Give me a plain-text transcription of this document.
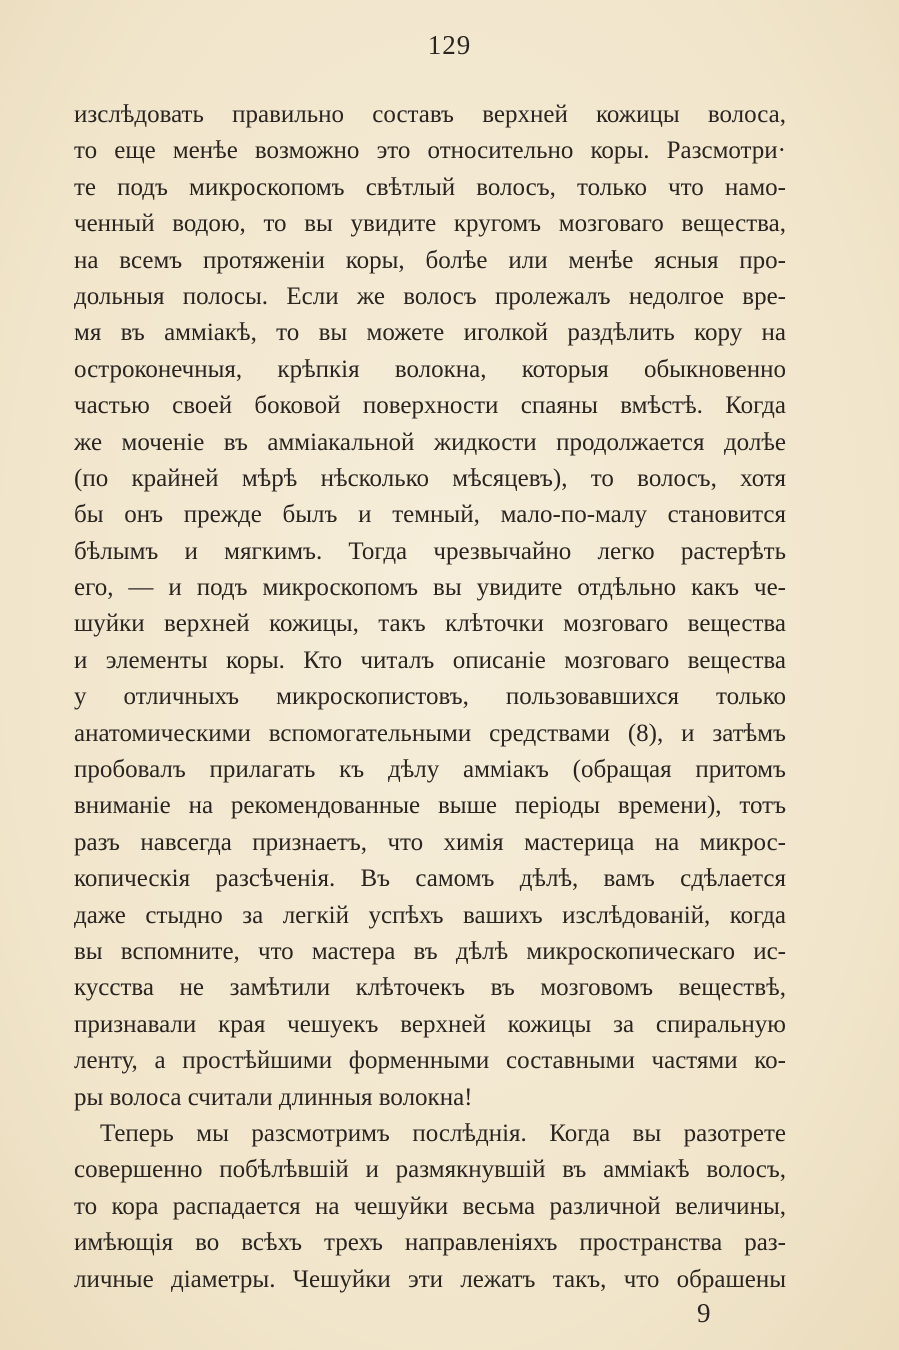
129
изслѣдовать правильно составъ верхней кожицы волоса,
то еще менѣе возможно это относительно коры. Разсмотри·
те подъ микроскопомъ свѣтлый волосъ, только что намо-
ченный водою, то вы увидите кругомъ мозговаго вещества,
на всемъ протяженіи коры, болѣе или менѣе ясныя про-
дольныя полосы. Если же волосъ пролежалъ недолгое вре-
мя въ аммiакѣ, то вы можете иголкой раздѣлить кору на
остроконечныя, крѣпкія волокна, которыя обыкновенно
частью своей боковой поверхности спаяны вмѣстѣ. Когда
же моченіе въ аммiакальной жидкости продолжается долѣе
(по крайней мѣрѣ нѣсколько мѣсяцевъ), то волосъ, хотя
бы онъ прежде былъ и темный, мало-по-малу становится
бѣлымъ и мягкимъ. Тогда чрезвычайно легко растерѣть
его, — и подъ микроскопомъ вы увидите отдѣльно какъ че-
шуйки верхней кожицы, такъ клѣточки мозговаго вещества
и элементы коры. Кто читалъ описаніе мозговаго вещества
у отличныхъ микроскопистовъ, пользовавшихся только
анатомическими вспомогательными средствами (8), и затѣмъ
пробовалъ прилагать къ дѣлу аммiакъ (обращая притомъ
вниманіе на рекомендованные выше періоды времени), тотъ
разъ навсегда признаетъ, что химія мастерица на микрос-
копическія разсѣченія. Въ самомъ дѣлѣ, вамъ сдѣлается
даже стыдно за легкій успѣхъ вашихъ изслѣдованій, когда
вы вспомните, что мастера въ дѣлѣ микроскопическаго ис-
кусства не замѣтили клѣточекъ въ мозговомъ веществѣ,
признавали края чешуекъ верхней кожицы за спиральную
ленту, а простѣйшими форменными составными частями ко-
ры волоса считали длинныя волокна!
Теперь мы разсмотримъ послѣднія. Когда вы разотрете
совершенно побѣлѣвшій и размякнувшій въ аммiакѣ волосъ,
то кора распадается на чешуйки весьма различной величины,
имѣющія во всѣхъ трехъ направленіяхъ пространства раз-
личные діаметры. Чешуйки эти лежатъ такъ, что обрашены
9
